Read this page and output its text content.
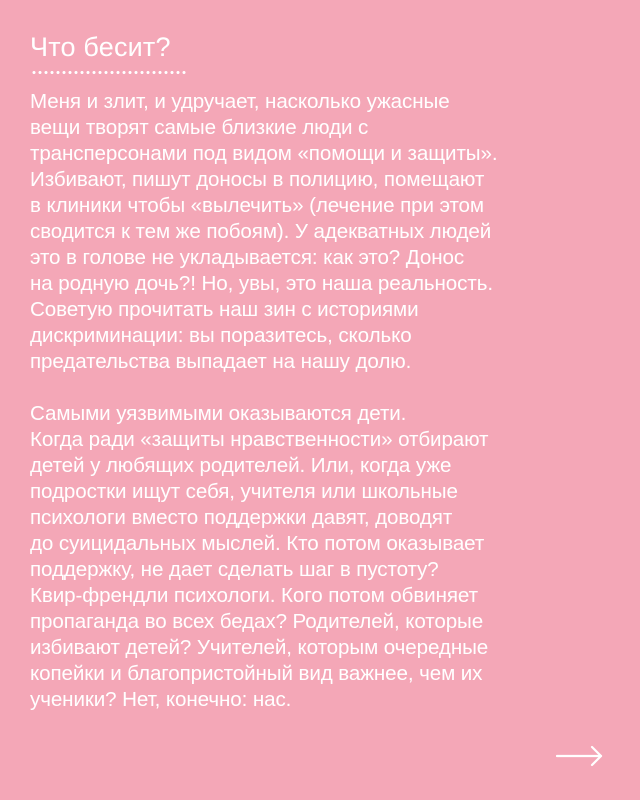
Что бесит?

Меня и злит, и удручает, насколько ужасные

вещи творят самые близкие люди с

трансперсонами под видом «помощи и защиты».

Избивают, пишут доносы в полицию, помещают

в клиники чтобы «вылечить» (лечение при этом

сводится к тем же побоям). У адекватных людей

это в голове не укладывается: как это? Донос

на родную дочь?! Но, увы, это наша реальность.

Советую прочитать наш зин с историями

дискриминации: вы поразитесь, сколько

предательства выпадает на нашу долю.

Самыми уязвимыми оказываются дети.

Когда ради «защиты нравственности» отбирают

детей у любящих родителей. Или, когда уже

подростки ищут себя, учителя или школьные

психологи вместо поддержки давят, доводят

до суицидальных мыслей. Кто потом оказывает

поддержку, не дает сделать шаг в пустоту?

Квир-френдли психологи. Кого потом обвиняет

пропаганда во всех бедах? Родителей, которые

избивают детей? Учителей, которым очередные

копейки и благопристойный вид важнее, чем их

ученики? Нет, конечно: нас.
